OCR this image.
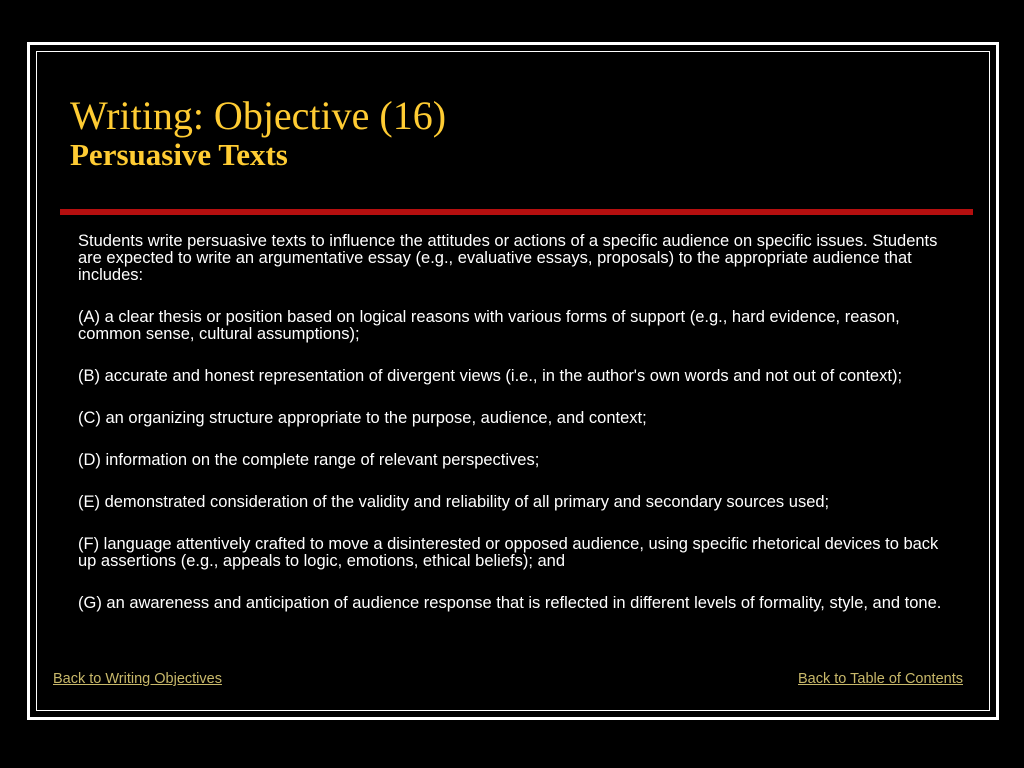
Writing: Objective (16)
Persuasive Texts

Students write persuasive texts to influence the attitudes or actions of a specific audience on specific issues. Students are expected to write an argumentative essay (e.g., evaluative essays, proposals) to the appropriate audience that includes:

(A) a clear thesis or position based on logical reasons with various forms of support (e.g., hard evidence, reason, common sense, cultural assumptions);

(B) accurate and honest representation of divergent views (i.e., in the author's own words and not out of context);

(C) an organizing structure appropriate to the purpose, audience, and context;

(D) information on the complete range of relevant perspectives;

(E) demonstrated consideration of the validity and reliability of all primary and secondary sources used;

(F) language attentively crafted to move a disinterested or opposed audience, using specific rhetorical devices to back up assertions (e.g., appeals to logic, emotions, ethical beliefs); and

(G) an awareness and anticipation of audience response that is reflected in different levels of formality, style, and tone.

Back to Writing Objectives	Back to Table of Contents
